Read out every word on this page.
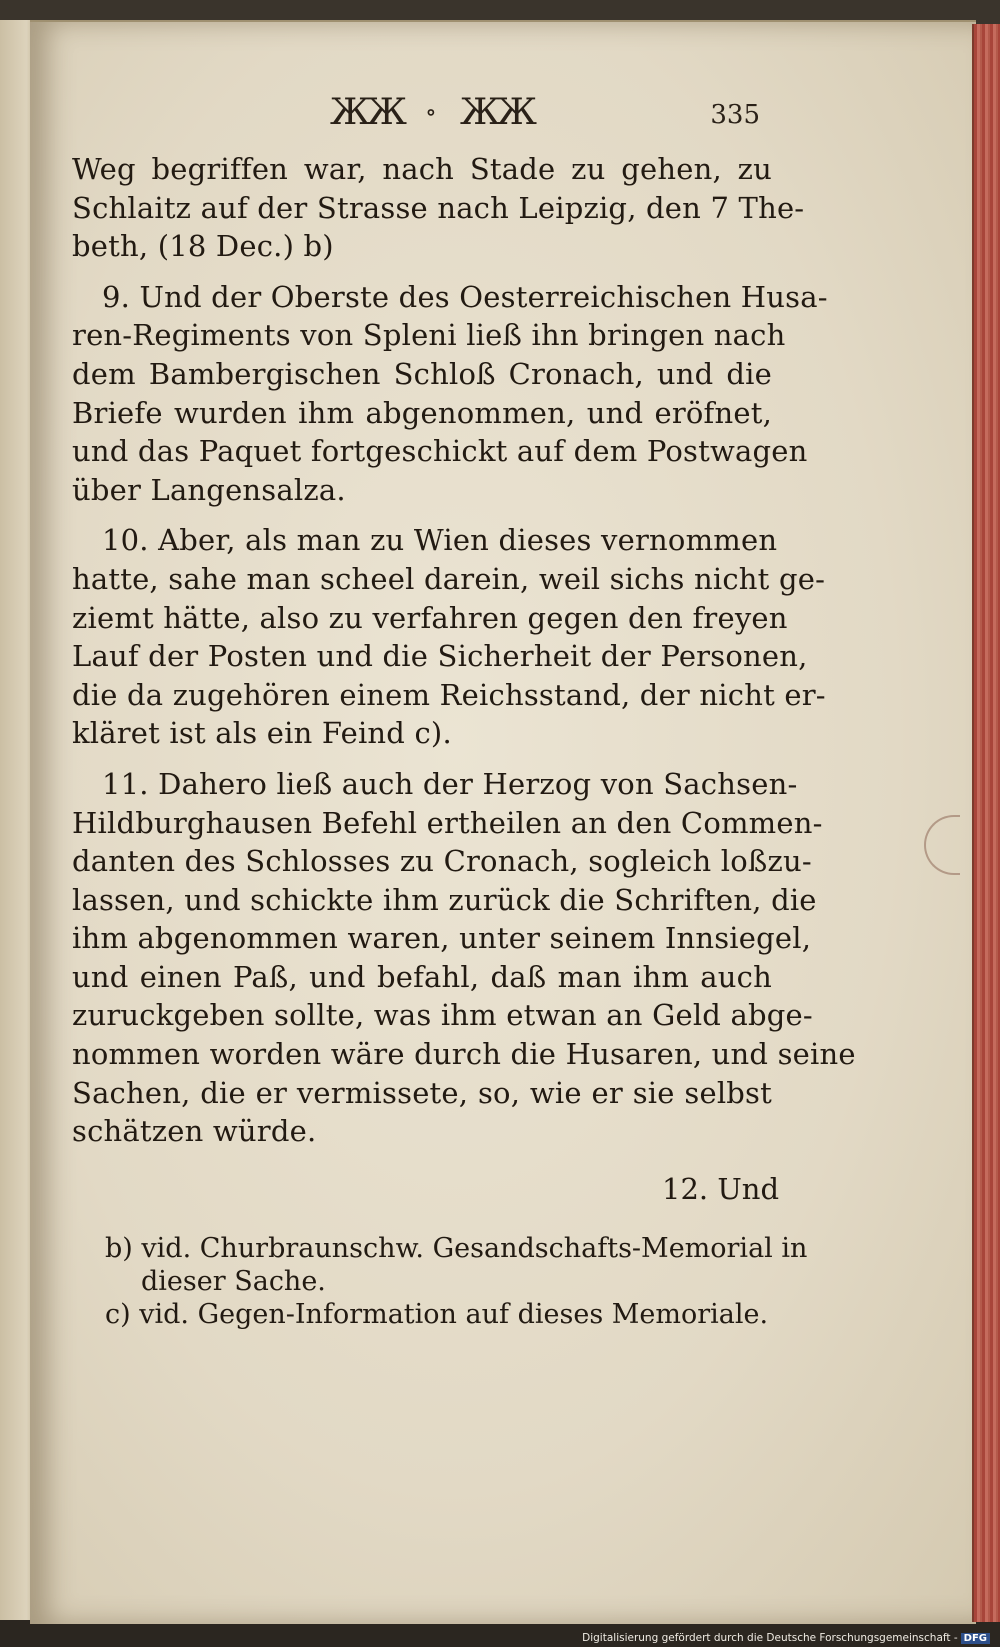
ЖЖ ∘ ЖЖ	335

Weg begriffen war, nach Stade zu gehen, zu
Schlaitz auf der Strasse nach Leipzig, den 7 The-
beth, (18 Dec.) b)

9. Und der Oberste des Oesterreichischen Husa-
ren-Regiments von Spleni ließ ihn bringen nach
dem Bambergischen Schloß Cronach, und die
Briefe wurden ihm abgenommen, und eröfnet,
und das Paquet fortgeschickt auf dem Postwagen
über Langensalza.

10. Aber, als man zu Wien dieses vernommen
hatte, sahe man scheel darein, weil sichs nicht ge-
ziemt hätte, also zu verfahren gegen den freyen
Lauf der Posten und die Sicherheit der Personen,
die da zugehören einem Reichsstand, der nicht er-
kläret ist als ein Feind c).

11. Dahero ließ auch der Herzog von Sachsen-
Hildburghausen Befehl ertheilen an den Commen-
danten des Schlosses zu Cronach, sogleich loßzu-
lassen, und schickte ihm zurück die Schriften, die
ihm abgenommen waren, unter seinem Innsiegel,
und einen Paß, und befahl, daß man ihm auch
zuruckgeben sollte, was ihm etwan an Geld abge-
nommen worden wäre durch die Husaren, und seine
Sachen, die er vermissete, so, wie er sie selbst
schätzen würde.

12. Und
b) vid. Churbraunschw. Gesandschafts-Memorial in
dieser Sache.
c) vid. Gegen-Information auf dieses Memoriale.
Digitalisierung gefördert durch die Deutsche Forschungsgemeinschaft - DFG
